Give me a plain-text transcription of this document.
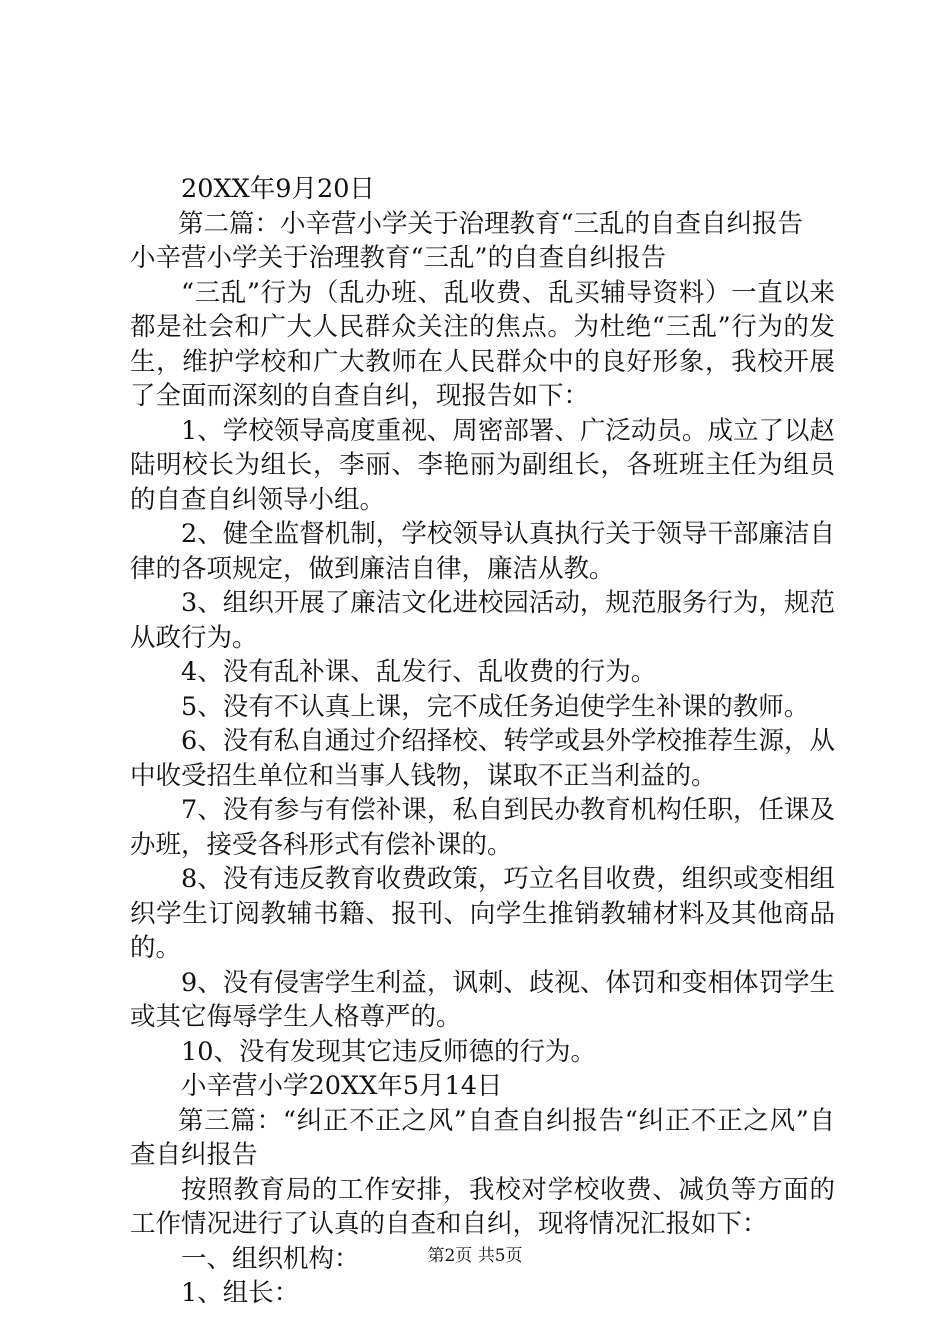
20XX年9月20日

第二篇：小辛营小学关于治理教育“三乱的自查自纠报告

小辛营小学关于治理教育“三乱”的自查自纠报告

“三乱”行为（乱办班、乱收费、乱买辅导资料）一直以来都是社会和广大人民群众关注的焦点。为杜绝“三乱”行为的发生，维护学校和广大教师在人民群众中的良好形象，我校开展了全面而深刻的自查自纠，现报告如下：

1、学校领导高度重视、周密部署、广泛动员。成立了以赵陆明校长为组长，李丽、李艳丽为副组长，各班班主任为组员的自查自纠领导小组。

2、健全监督机制，学校领导认真执行关于领导干部廉洁自律的各项规定，做到廉洁自律，廉洁从教。

3、组织开展了廉洁文化进校园活动，规范服务行为，规范从政行为。

4、没有乱补课、乱发行、乱收费的行为。

5、没有不认真上课，完不成任务迫使学生补课的教师。

6、没有私自通过介绍择校、转学或县外学校推荐生源，从中收受招生单位和当事人钱物，谋取不正当利益的。

7、没有参与有偿补课，私自到民办教育机构任职，任课及办班，接受各科形式有偿补课的。

8、没有违反教育收费政策，巧立名目收费，组织或变相组织学生订阅教辅书籍、报刊、向学生推销教辅材料及其他商品的。

9、没有侵害学生利益，讽刺、歧视、体罚和变相体罚学生或其它侮辱学生人格尊严的。

10、没有发现其它违反师德的行为。

小辛营小学20XX年5月14日

第三篇：“纠正不正之风”自查自纠报告“纠正不正之风”自查自纠报告

按照教育局的工作安排，我校对学校收费、减负等方面的工作情况进行了认真的自查和自纠，现将情况汇报如下：

一、组织机构：

1、组长：

第2页 共5页
